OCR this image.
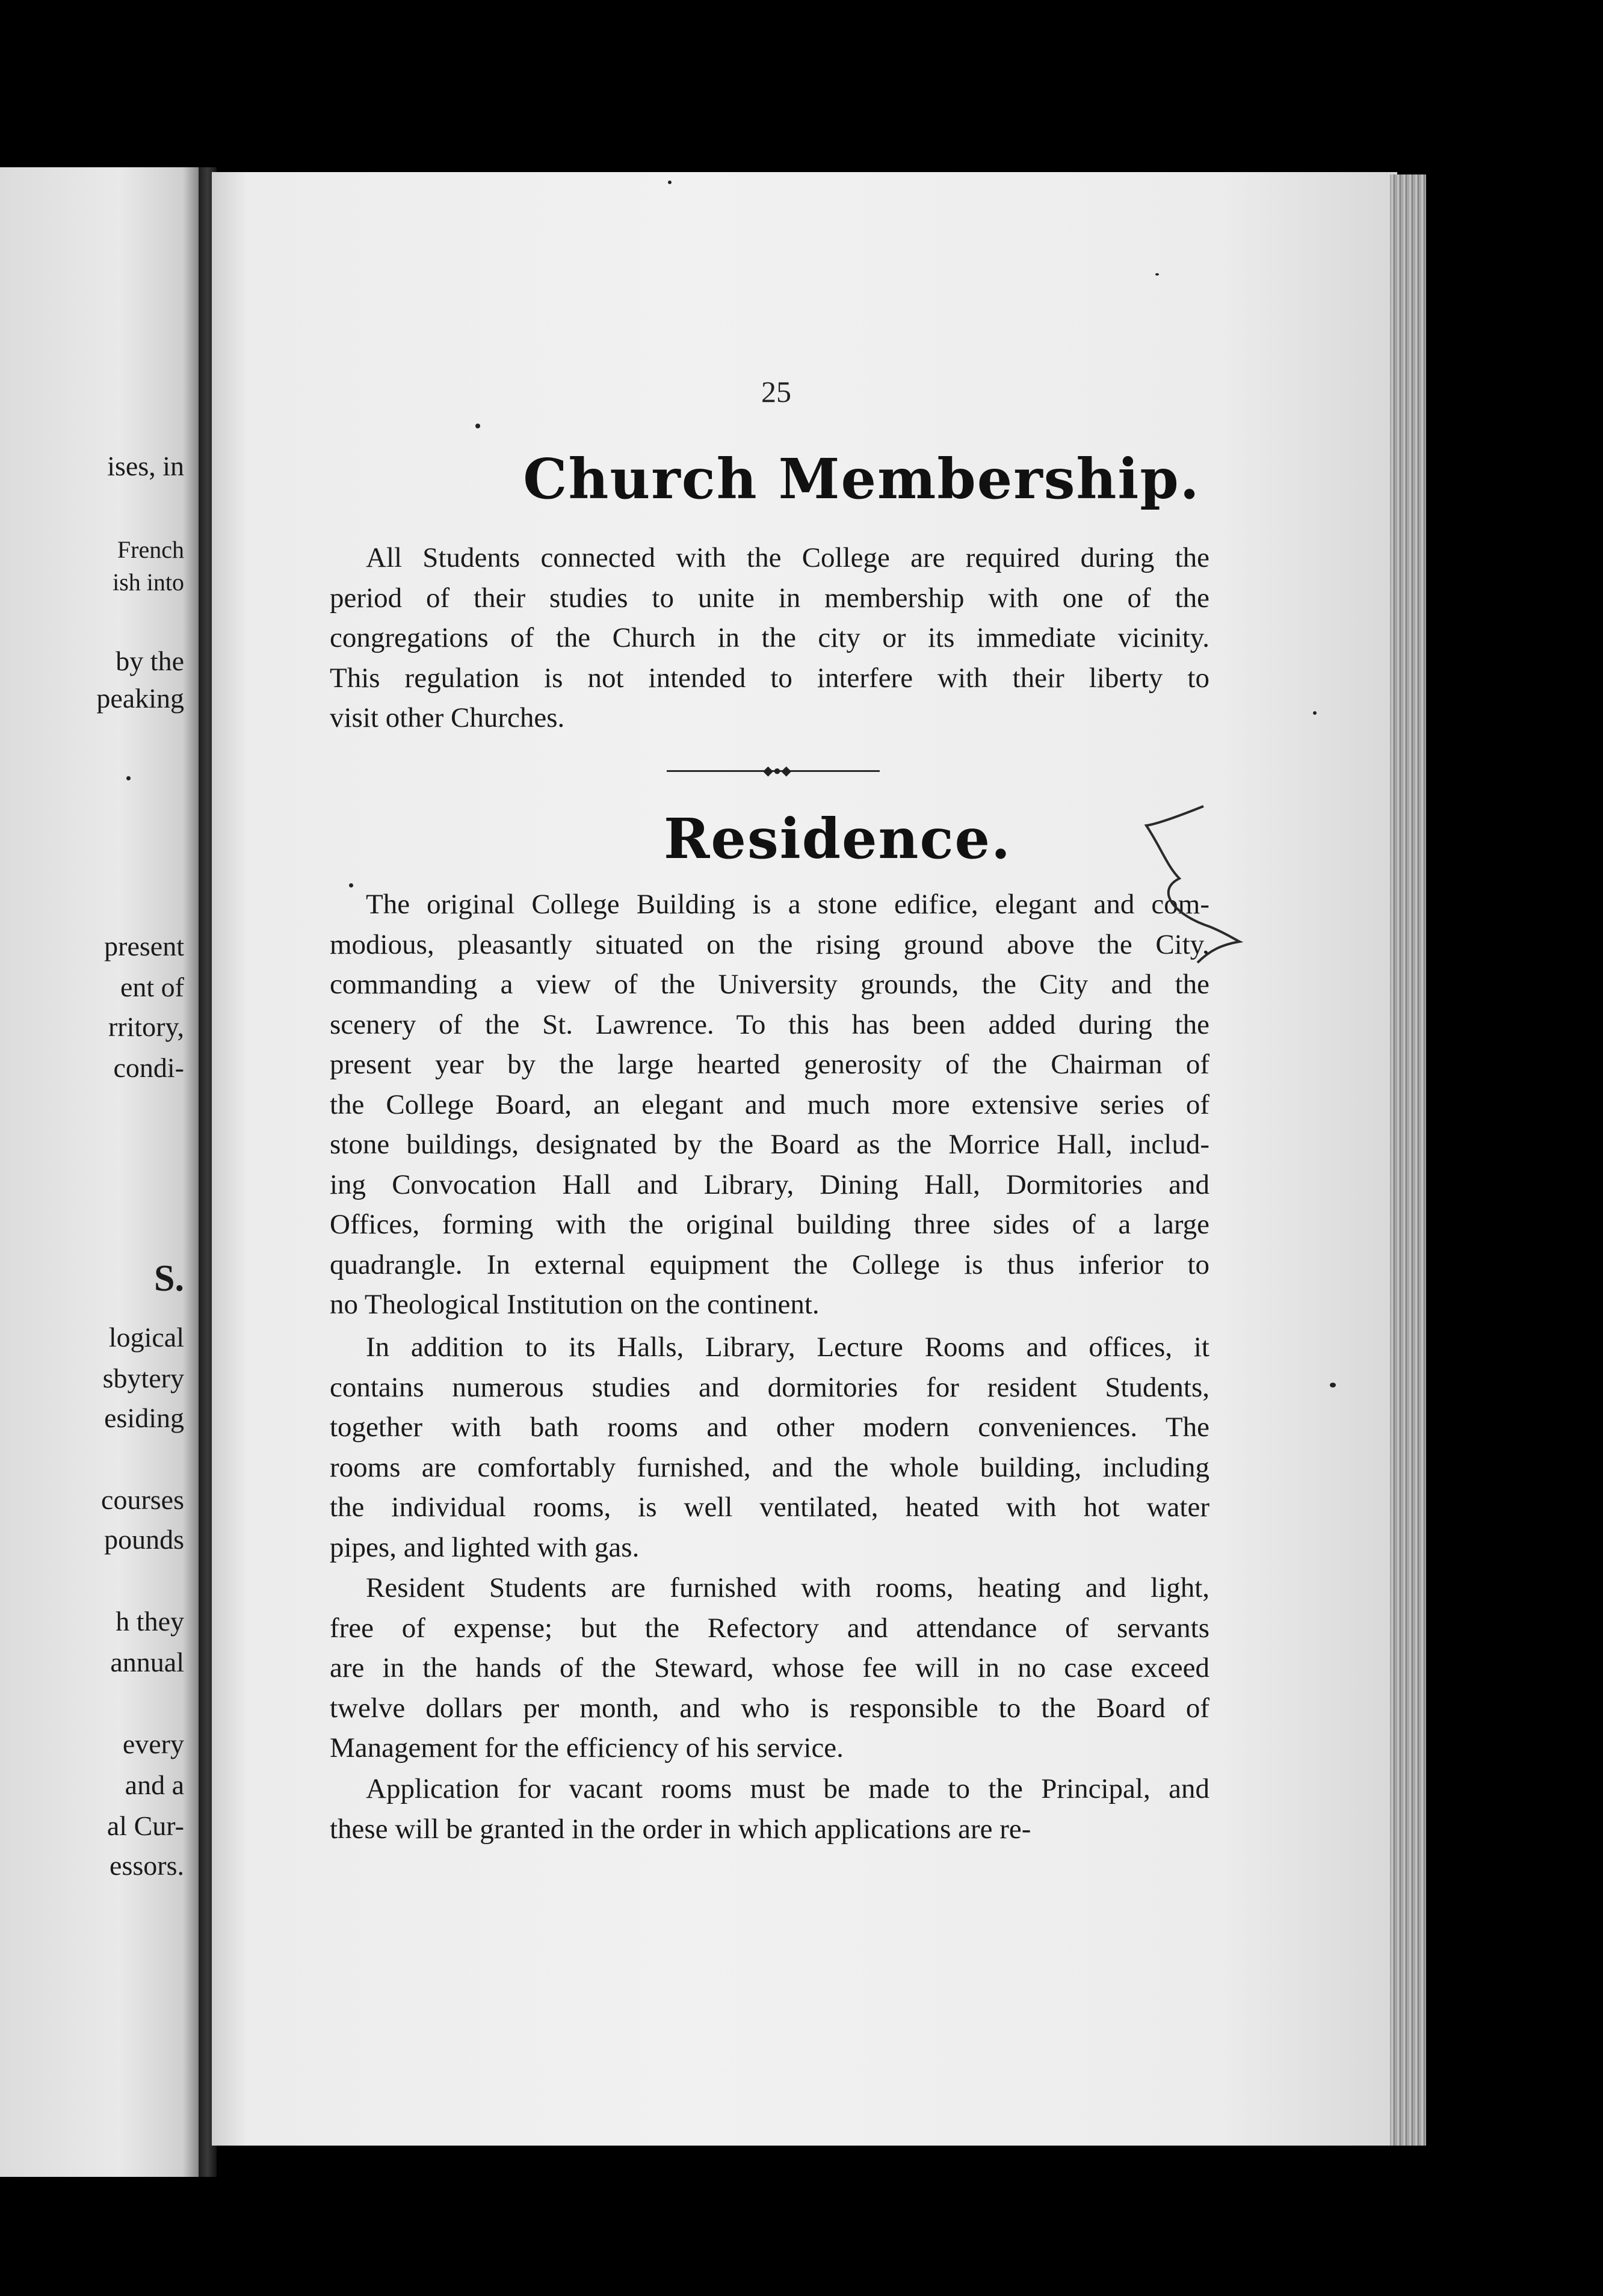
ises, in
French
ish into
by the
peaking
present
ent of
rritory,
condi-
S.
logical
sbytery
esiding
courses
pounds
h they
annual
every
and a
al Cur-
essors.
25
Church Membership.
◆●◆
Residence.
All Students connected with the College are required during the
period of their studies to unite in membership with one of the
congregations of the Church in the city or its immediate vicinity.
This regulation is not intended to interfere with their liberty to
visit other Churches.
The original College Building is a stone edifice, elegant and com-
modious, pleasantly situated on the rising ground above the City,
commanding a view of the University grounds, the City and the
scenery of the St. Lawrence. To this has been added during the
present year by the large hearted generosity of the Chairman of
the College Board, an elegant and much more extensive series of
stone buildings, designated by the Board as the Morrice Hall, includ-
ing Convocation Hall and Library, Dining Hall, Dormitories and
Offices, forming with the original building three sides of a large
quadrangle. In external equipment the College is thus inferior to
no Theological Institution on the continent.
In addition to its Halls, Library, Lecture Rooms and offices, it
contains numerous studies and dormitories for resident Students,
together with bath rooms and other modern conveniences. The
rooms are comfortably furnished, and the whole building, including
the individual rooms, is well ventilated, heated with hot water
pipes, and lighted with gas.
Resident Students are furnished with rooms, heating and light,
free of expense; but the Refectory and attendance of servants
are in the hands of the Steward, whose fee will in no case exceed
twelve dollars per month, and who is responsible to the Board of
Management for the efficiency of his service.
Application for vacant rooms must be made to the Principal, and
these will be granted in the order in which applications are re-
